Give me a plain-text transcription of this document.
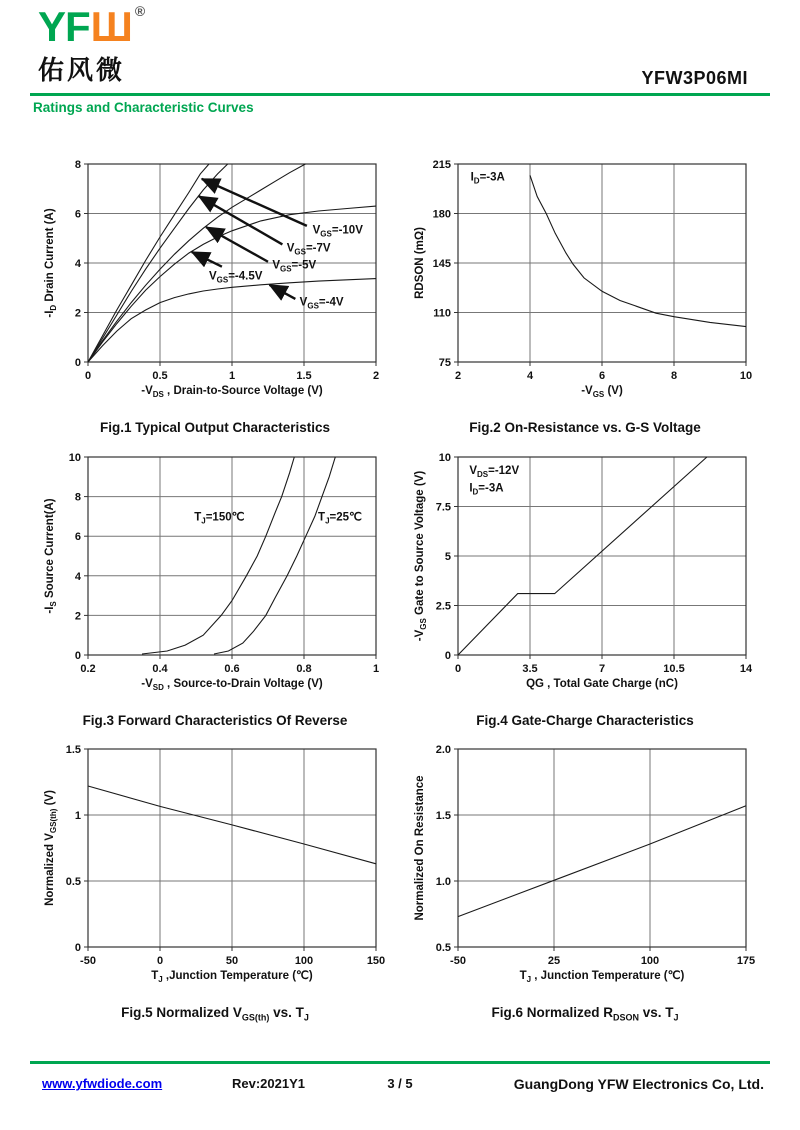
YF Ш ®
佑风微	YFW3P06MI
Ratings and Characteristic Curves
0	0.5	1	1.5	2
0
2
4
6
8
$-V_{DS}$ , Drain-to-Source Voltage (V)
$-I_D$ Drain Current (A)	$V_{GS}=-10V$
$V_{GS}=-7V$
$V_{GS}=-5V$
$V_{GS}=-4.5V$
$V_{GS}=-4V$
Fig.1 Typical Output Characteristics
2	4	6	8	10
75
110
145
180
215
$-V_{GS}$ (V)
RDSON (mΩ)
$I_D=-3A$
Fig.2 On-Resistance vs. G-S Voltage
0.2	0.4	0.6	0.8	1
0
2
4
6
8
10
$-V_{SD}$ , Source-to-Drain Voltage (V)
$-I_S$ Source Current(A)	$T_J=150℃$	$T_J=25℃$
Fig.3 Forward Characteristics Of Reverse
0	3.5	7	10.5	14
0
2.5
5
7.5
10
QG , Total Gate Charge (nC)
$-V_{GS}$ Gate to Source Voltage (V)	$V_{DS}=-12V$
$I_D=-3A$
Fig.4 Gate-Charge Characteristics
-50	0	50	100	150
0
0.5
1
1.5
$T_J$ ,Junction Temperature (℃)
Normalized $V_{GS(th)}$ (V)
Fig.5 Normalized $V_{GS(th)}$ vs. $T_J$
-50	25	100	175
0.5
1.0
1.5
2.0
$T_J$ , Junction Temperature (℃)
Normalized On Resistance
Fig.6 Normalized $R_{DSON}$ vs. $T_J$
www.yfwdiode.com	Rev:2021Y1	3 / 5	GuangDong YFW Electronics Co, Ltd.
